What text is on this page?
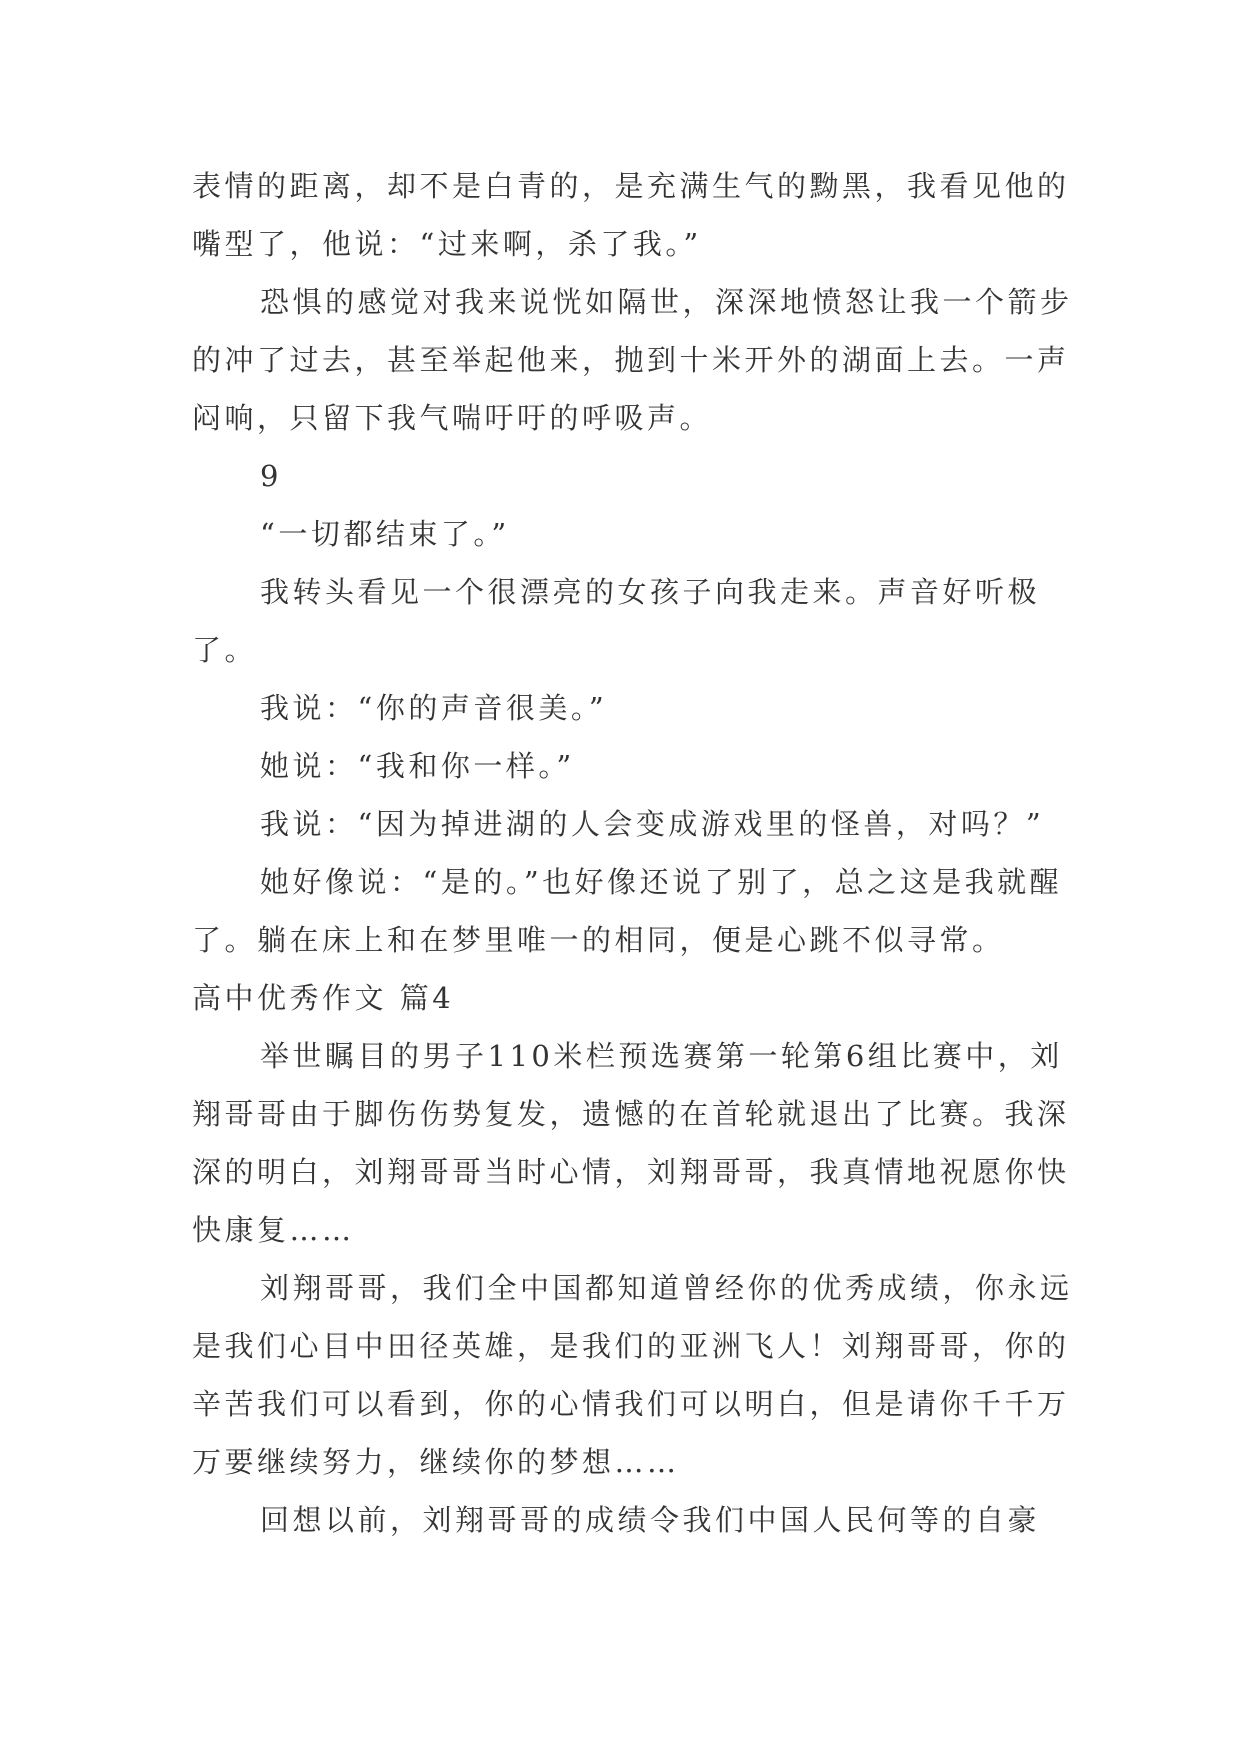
表情的距离，却不是白青的，是充满生气的黝黑，我看见他的嘴型了，他说：“过来啊，杀了我。”

恐惧的感觉对我来说恍如隔世，深深地愤怒让我一个箭步的冲了过去，甚至举起他来，抛到十米开外的湖面上去。一声闷响，只留下我气喘吁吁的呼吸声。

9

“一切都结束了。”

我转头看见一个很漂亮的女孩子向我走来。声音好听极了。

我说：“你的声音很美。”

她说：“我和你一样。”

我说：“因为掉进湖的人会变成游戏里的怪兽，对吗？”

她好像说：“是的。”也好像还说了别了，总之这是我就醒了。躺在床上和在梦里唯一的相同，便是心跳不似寻常。

高中优秀作文 篇4

举世瞩目的男子110米栏预选赛第一轮第6组比赛中，刘翔哥哥由于脚伤伤势复发，遗憾的在首轮就退出了比赛。我深深的明白，刘翔哥哥当时心情，刘翔哥哥，我真情地祝愿你快快康复……

刘翔哥哥，我们全中国都知道曾经你的优秀成绩，你永远是我们心目中田径英雄，是我们的亚洲飞人！刘翔哥哥，你的辛苦我们可以看到，你的心情我们可以明白，但是请你千千万万要继续努力，继续你的梦想……

回想以前，刘翔哥哥的成绩令我们中国人民何等的自豪
